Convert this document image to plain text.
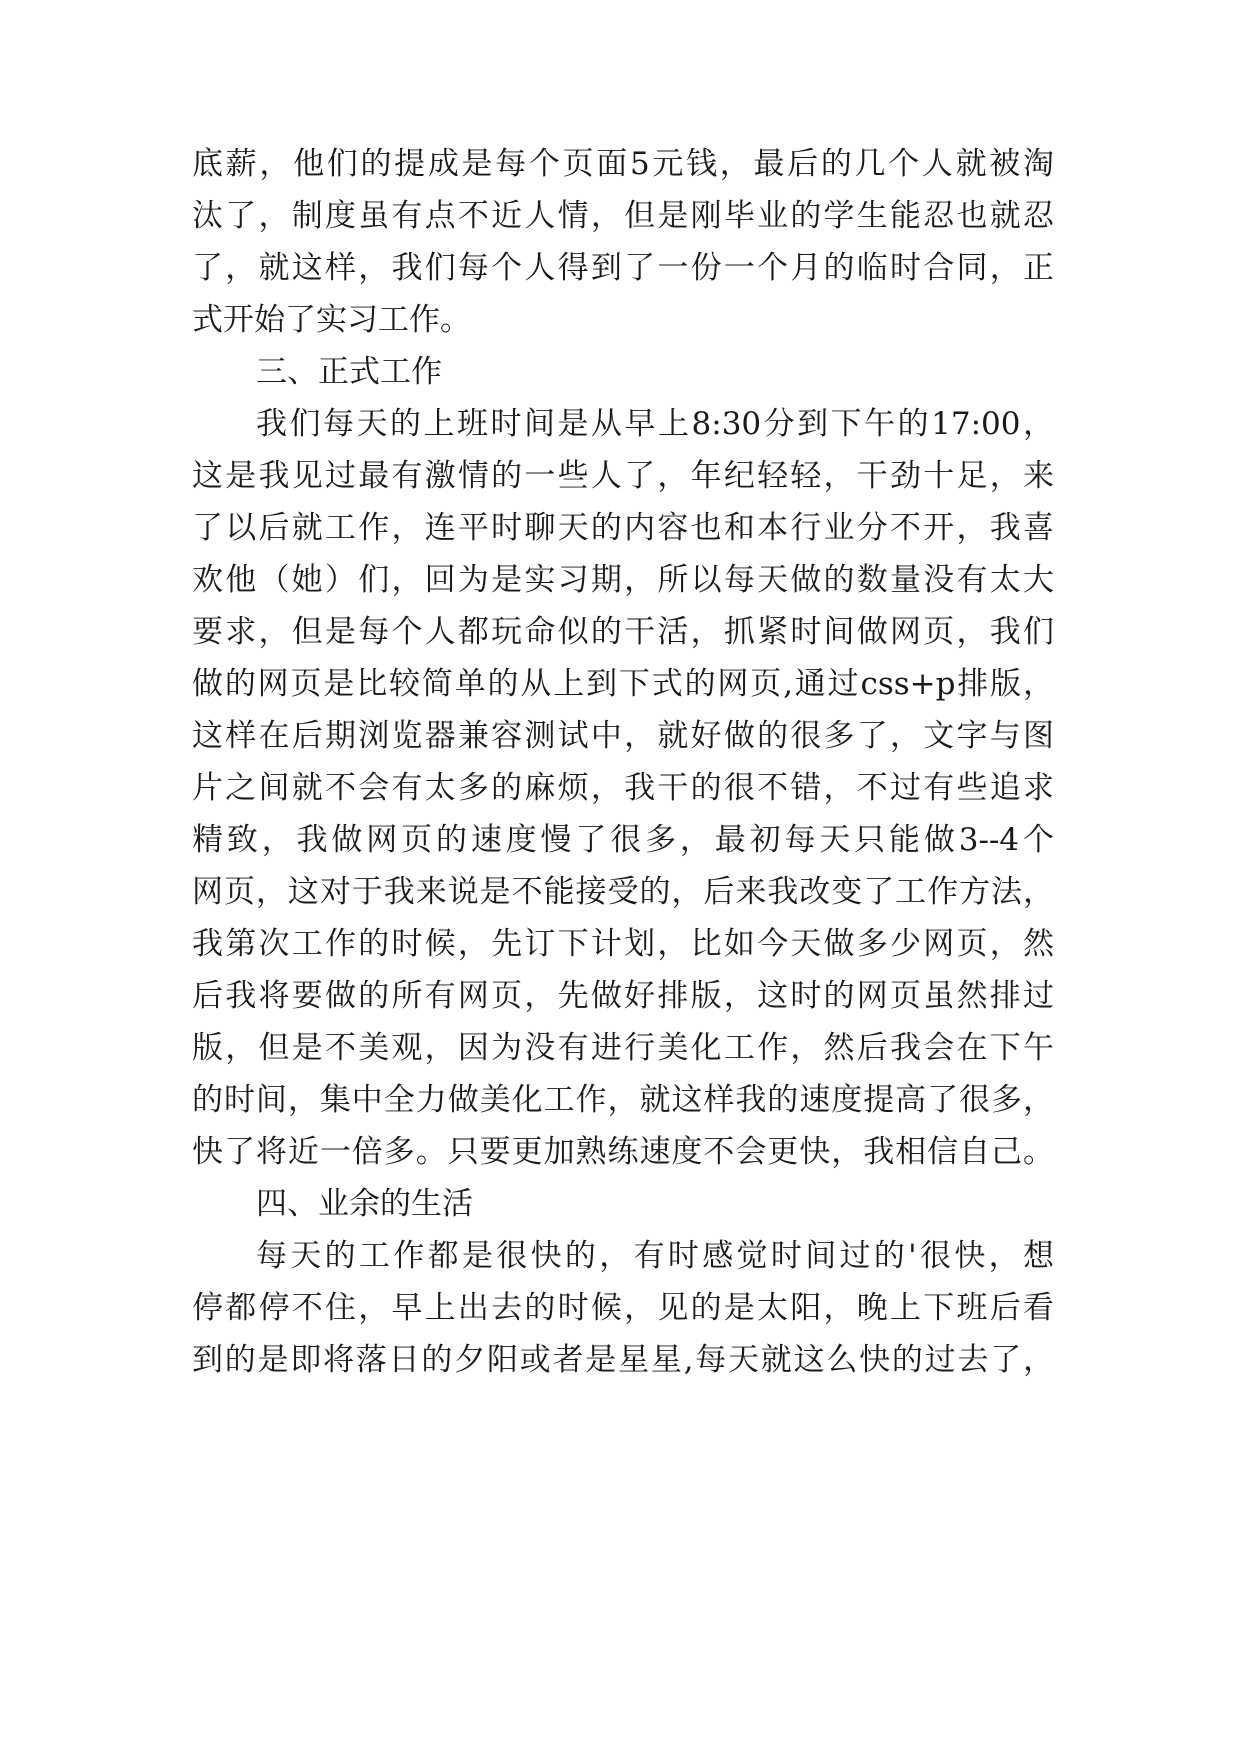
底薪，他们的提成是每个页面5元钱，最后的几个人就被淘
汰了，制度虽有点不近人情，但是刚毕业的学生能忍也就忍
了，就这样，我们每个人得到了一份一个月的临时合同，正
式开始了实习工作。
三、正式工作
我们每天的上班时间是从早上8:30分到下午的17:00，
这是我见过最有激情的一些人了，年纪轻轻，干劲十足，来
了以后就工作，连平时聊天的内容也和本行业分不开，我喜
欢他（她）们，回为是实习期，所以每天做的数量没有太大
要求，但是每个人都玩命似的干活，抓紧时间做网页，我们
做的网页是比较简单的从上到下式的网页,通过css+p排版，
这样在后期浏览器兼容测试中，就好做的很多了，文字与图
片之间就不会有太多的麻烦，我干的很不错，不过有些追求
精致，我做网页的速度慢了很多，最初每天只能做3--4个
网页，这对于我来说是不能接受的，后来我改变了工作方法，
我第次工作的时候，先订下计划，比如今天做多少网页，然
后我将要做的所有网页，先做好排版，这时的网页虽然排过
版，但是不美观，因为没有进行美化工作，然后我会在下午
的时间，集中全力做美化工作，就这样我的速度提高了很多，
快了将近一倍多。只要更加熟练速度不会更快，我相信自己。
四、业余的生活
每天的工作都是很快的，有时感觉时间过的'很快，想
停都停不住，早上出去的时候，见的是太阳，晚上下班后看
到的是即将落日的夕阳或者是星星,每天就这么快的过去了，
